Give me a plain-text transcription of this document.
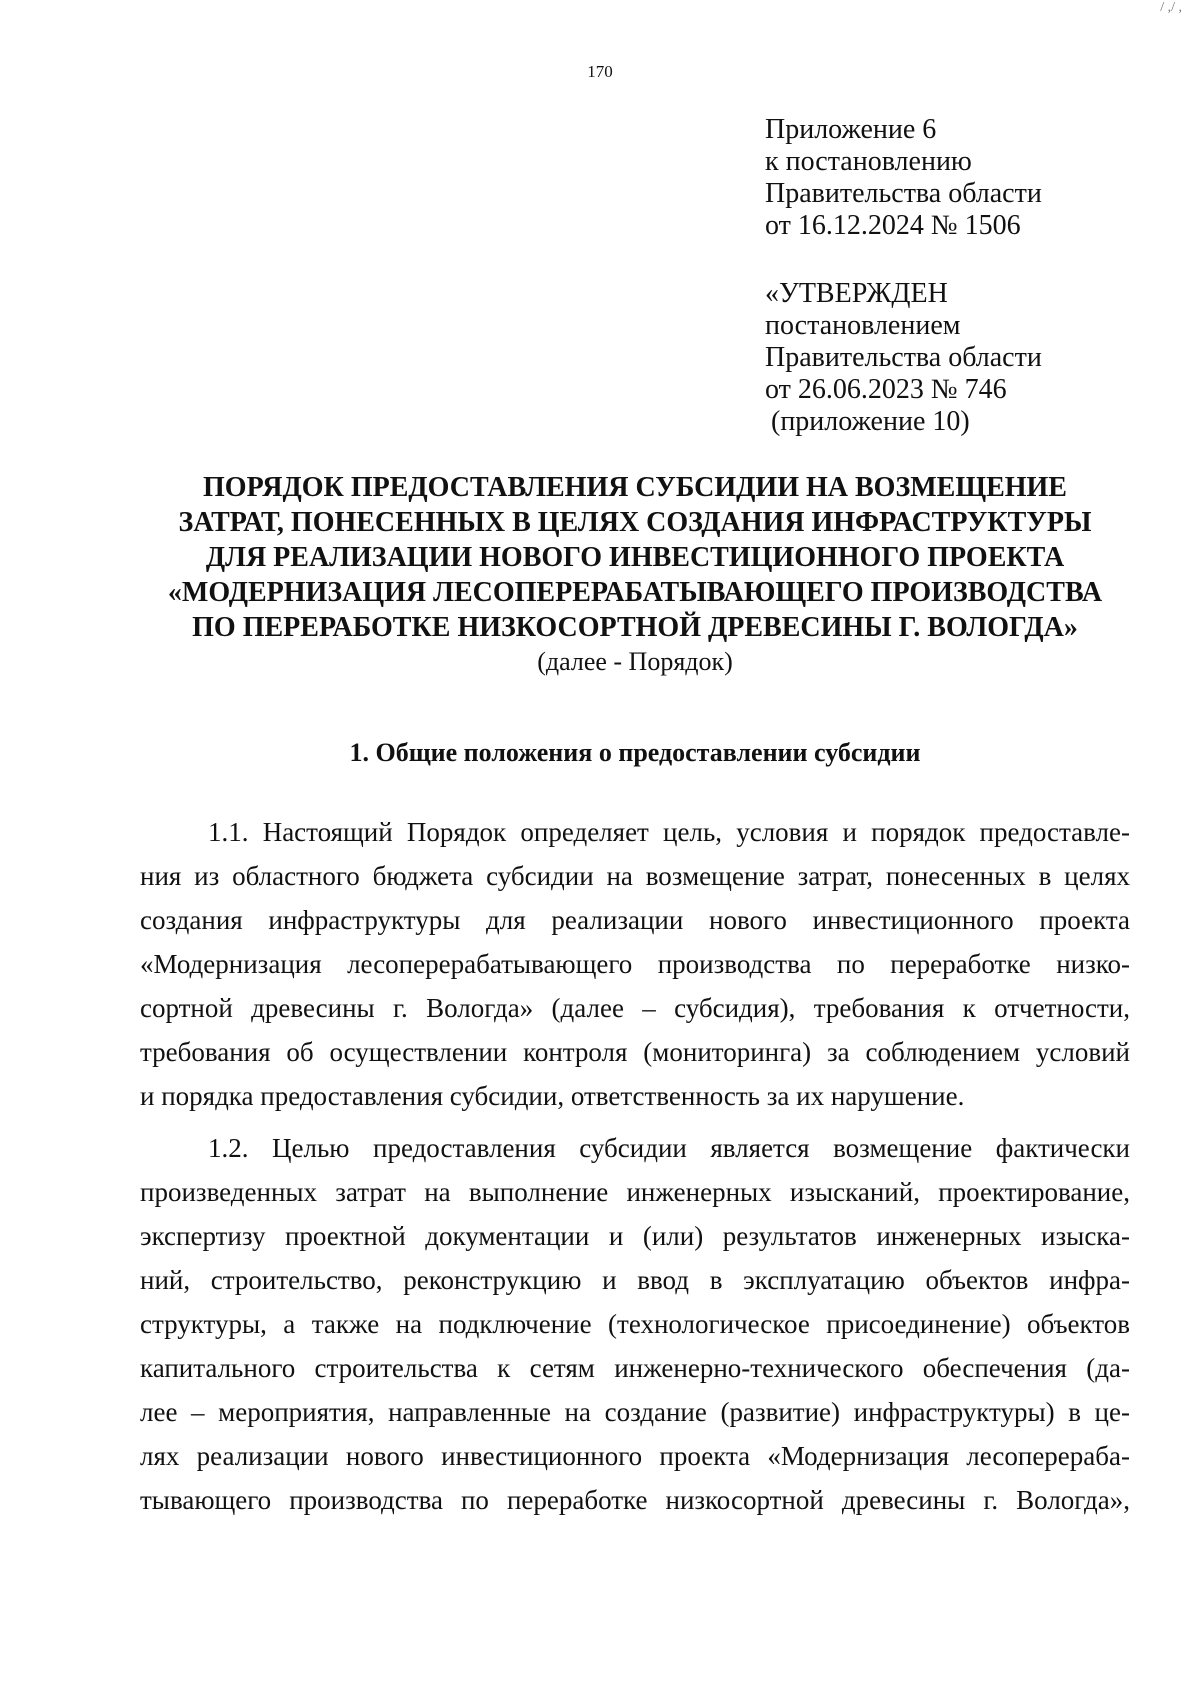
/ ,/ ,
170
Приложение 6
к постановлению
Правительства области
от 16.12.2024 № 1506
«УТВЕРЖДЕН
постановлением
Правительства области
от 26.06.2023 № 746
(приложение 10)
ПОРЯДОК ПРЕДОСТАВЛЕНИЯ СУБСИДИИ НА ВОЗМЕЩЕНИЕ
ЗАТРАТ, ПОНЕСЕННЫХ В ЦЕЛЯХ СОЗДАНИЯ ИНФРАСТРУКТУРЫ
ДЛЯ РЕАЛИЗАЦИИ НОВОГО ИНВЕСТИЦИОННОГО ПРОЕКТА
«МОДЕРНИЗАЦИЯ ЛЕСОПЕРЕРАБАТЫВАЮЩЕГО ПРОИЗВОДСТВА
ПО ПЕРЕРАБОТКЕ НИЗКОСОРТНОЙ ДРЕВЕСИНЫ Г. ВОЛОГДА»
(далее - Порядок)
1. Общие положения о предоставлении субсидии
1.1. Настоящий Порядок определяет цель, условия и порядок предоставле-
ния из областного бюджета субсидии на возмещение затрат, понесенных в целях
создания инфраструктуры для реализации нового инвестиционного проекта
«Модернизация лесоперерабатывающего производства по переработке низко-
сортной древесины г. Вологда» (далее – субсидия), требования к отчетности,
требования об осуществлении контроля (мониторинга) за соблюдением условий
и порядка предоставления субсидии, ответственность за их нарушение.
1.2. Целью предоставления субсидии является возмещение фактически
произведенных затрат на выполнение инженерных изысканий, проектирование,
экспертизу проектной документации и (или) результатов инженерных изыска-
ний, строительство, реконструкцию и ввод в эксплуатацию объектов инфра-
структуры, а также на подключение (технологическое присоединение) объектов
капитального строительства к сетям инженерно-технического обеспечения (да-
лее – мероприятия, направленные на создание (развитие) инфраструктуры) в це-
лях реализации нового инвестиционного проекта «Модернизация лесоперераба-
тывающего производства по переработке низкосортной древесины г. Вологда»,
